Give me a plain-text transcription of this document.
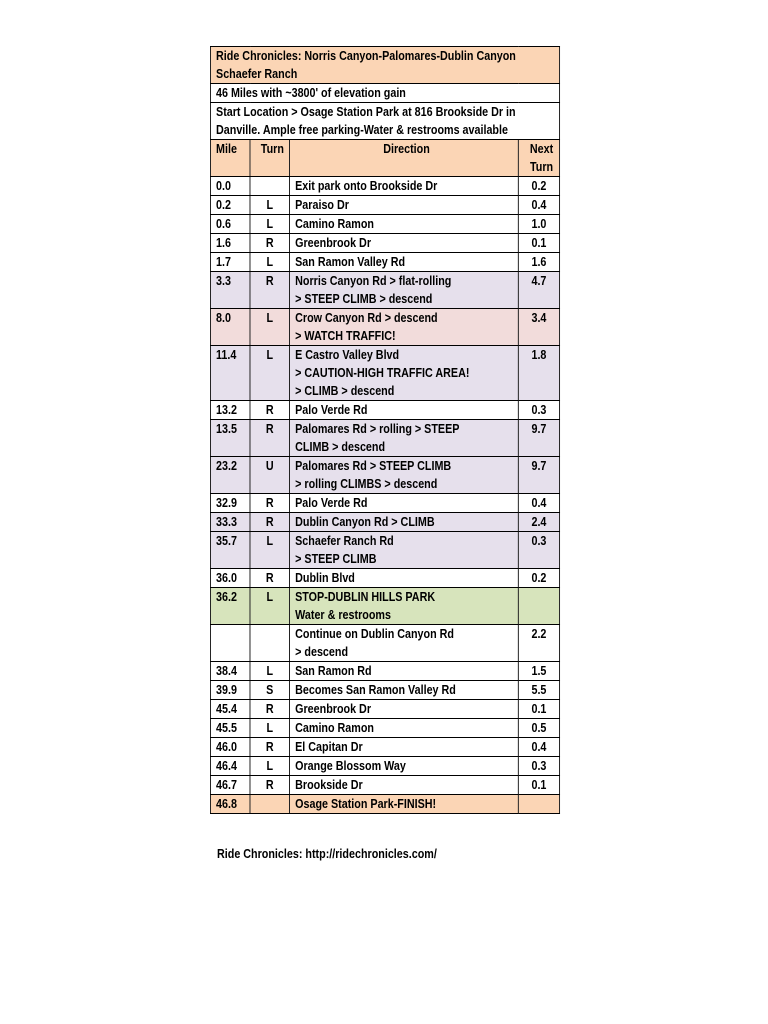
Ride Chronicles: Norris Canyon-Palomares-Dublin Canyon Schaefer Ranch			
46 Miles with ~3800' of elevation gain			
Start Location > Osage Station Park at 816 Brookside Dr in Danville. Ample free parking-Water & restrooms available			
Mile	Turn	Direction	Next Turn
0.0		Exit park onto Brookside Dr	0.2
0.2	L	Paraiso Dr	0.4
0.6	L	Camino Ramon	1.0
1.6	R	Greenbrook Dr	0.1
1.7	L	San Ramon Valley Rd	1.6
3.3	R	Norris Canyon Rd > flat-rolling
> STEEP CLIMB > descend	4.7
8.0	L	Crow Canyon Rd > descend
> WATCH TRAFFIC!	3.4
11.4	L	E Castro Valley Blvd
> CAUTION-HIGH TRAFFIC AREA!
> CLIMB > descend	1.8
13.2	R	Palo Verde Rd	0.3
13.5	R	Palomares Rd > rolling > STEEP
CLIMB > descend	9.7
23.2	U	Palomares Rd > STEEP CLIMB
> rolling CLIMBS > descend	9.7
32.9	R	Palo Verde Rd	0.4
33.3	R	Dublin Canyon Rd > CLIMB	2.4
35.7	L	Schaefer Ranch Rd
> STEEP CLIMB	0.3
36.0	R	Dublin Blvd	0.2
36.2	L	STOP-DUBLIN HILLS PARK
Water & restrooms	

		Continue on Dublin Canyon Rd
> descend	2.2
38.4	L	San Ramon Rd	1.5
39.9	S	Becomes San Ramon Valley Rd	5.5
45.4	R	Greenbrook Dr	0.1
45.5	L	Camino Ramon	0.5
46.0	R	El Capitan Dr	0.4
46.4	L	Orange Blossom Way	0.3
46.7	R	Brookside Dr	0.1
46.8		Osage Station Park-FINISH!	

Ride Chronicles: http://ridechronicles.com/
